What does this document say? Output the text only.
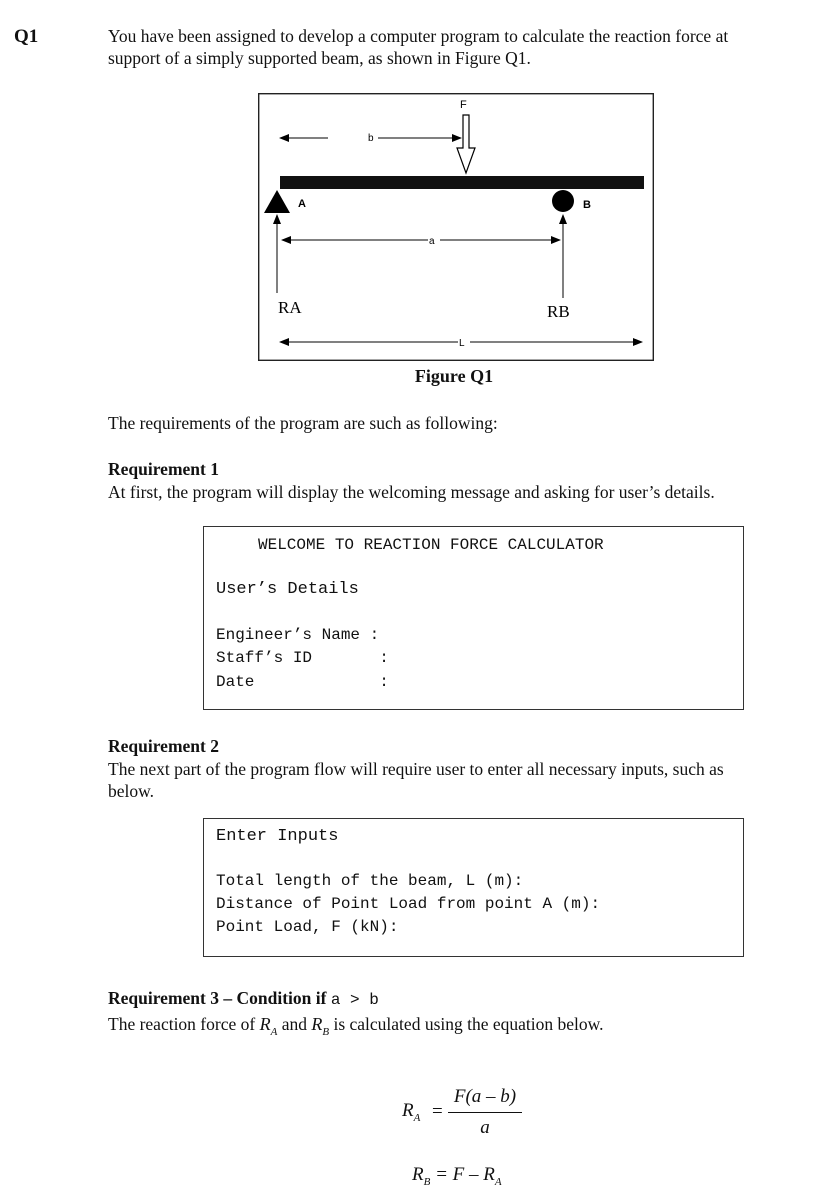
Q1	You have been assigned to develop a computer program to calculate the reaction force at
support of a simply supported beam, as shown in Figure Q1.
F
b
A	B
RA	RB
a
L
Figure Q1
The requirements of the program are such as following:
Requirement 1
At first, the program will display the welcoming message and asking for user’s details.
WELCOME TO REACTION FORCE CALCULATOR
User’s Details
Engineer’s Name :
Staff’s ID       :
Date             :
Requirement 2
The next part of the program flow will require user to enter all necessary inputs, such as
below.
Enter Inputs
Total length of the beam, L (m):
Distance of Point Load from point A (m):
Point Load, F (kN):
Requirement 3 – Condition if a > b
The reaction force of $R_A$ and $R_B$ is calculated using the equation below.
$R_A$ =
F(a – b)
a
$R_B = F - R_A$
